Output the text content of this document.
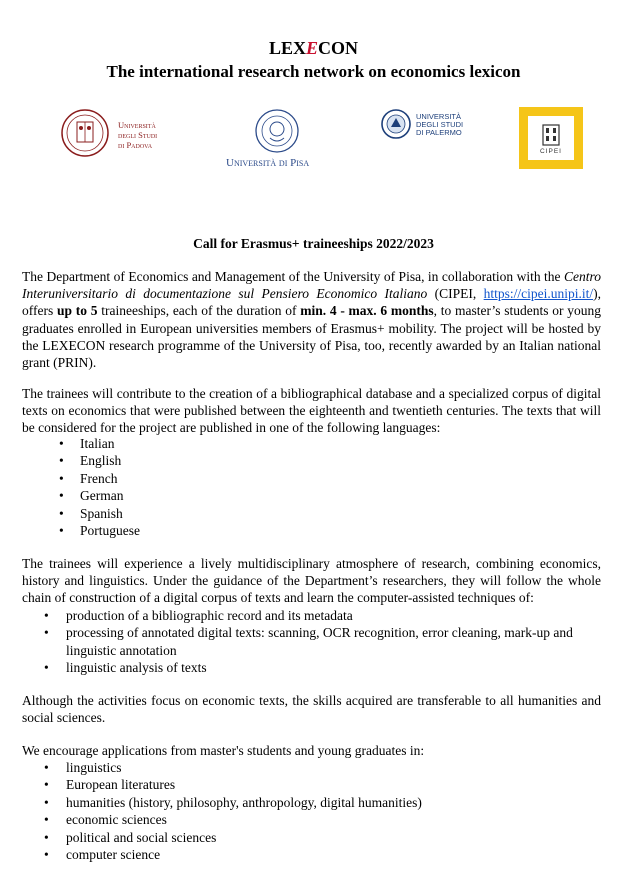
LEXECON
The international research network on economics lexicon
Università
degli Studi
di Padova
Università di Pisa
UNIVERSITÀ
DEGLI STUDI
DI PALERMO
CIPEI
Call for Erasmus+ traineeships 2022/2023
The Department of Economics and Management of the University of Pisa, in collaboration with the Centro Interuniversitario di documentazione sul Pensiero Economico Italiano (CIPEI, https://cipei.unipi.it/), offers up to 5 traineeships, each of the duration of min. 4 - max. 6 months, to master’s students or young graduates enrolled in European universities members of Erasmus+ mobility. The project will be hosted by the LEXECON research programme of the University of Pisa, too, recently awarded by an Italian national grant (PRIN).
The trainees will contribute to the creation of a bibliographical database and a specialized corpus of digital texts on economics that were published between the eighteenth and twentieth centuries. The texts that will be considered for the project are published in one of the following languages:
• Italian
• English
• French
• German
• Spanish
• Portuguese
The trainees will experience a lively multidisciplinary atmosphere of research, combining economics, history and linguistics. Under the guidance of the Department’s researchers, they will follow the whole chain of construction of a digital corpus of texts and learn the computer-assisted techniques of:
• production of a bibliographic record and its metadata
• processing of annotated digital texts: scanning, OCR recognition, error cleaning, mark-up and linguistic annotation
• linguistic analysis of texts
Although the activities focus on economic texts, the skills acquired are transferable to all humanities and social sciences.
We encourage applications from master's students and young graduates in:
• linguistics
• European literatures
• humanities (history, philosophy, anthropology, digital humanities)
• economic sciences
• political and social sciences
• computer science
